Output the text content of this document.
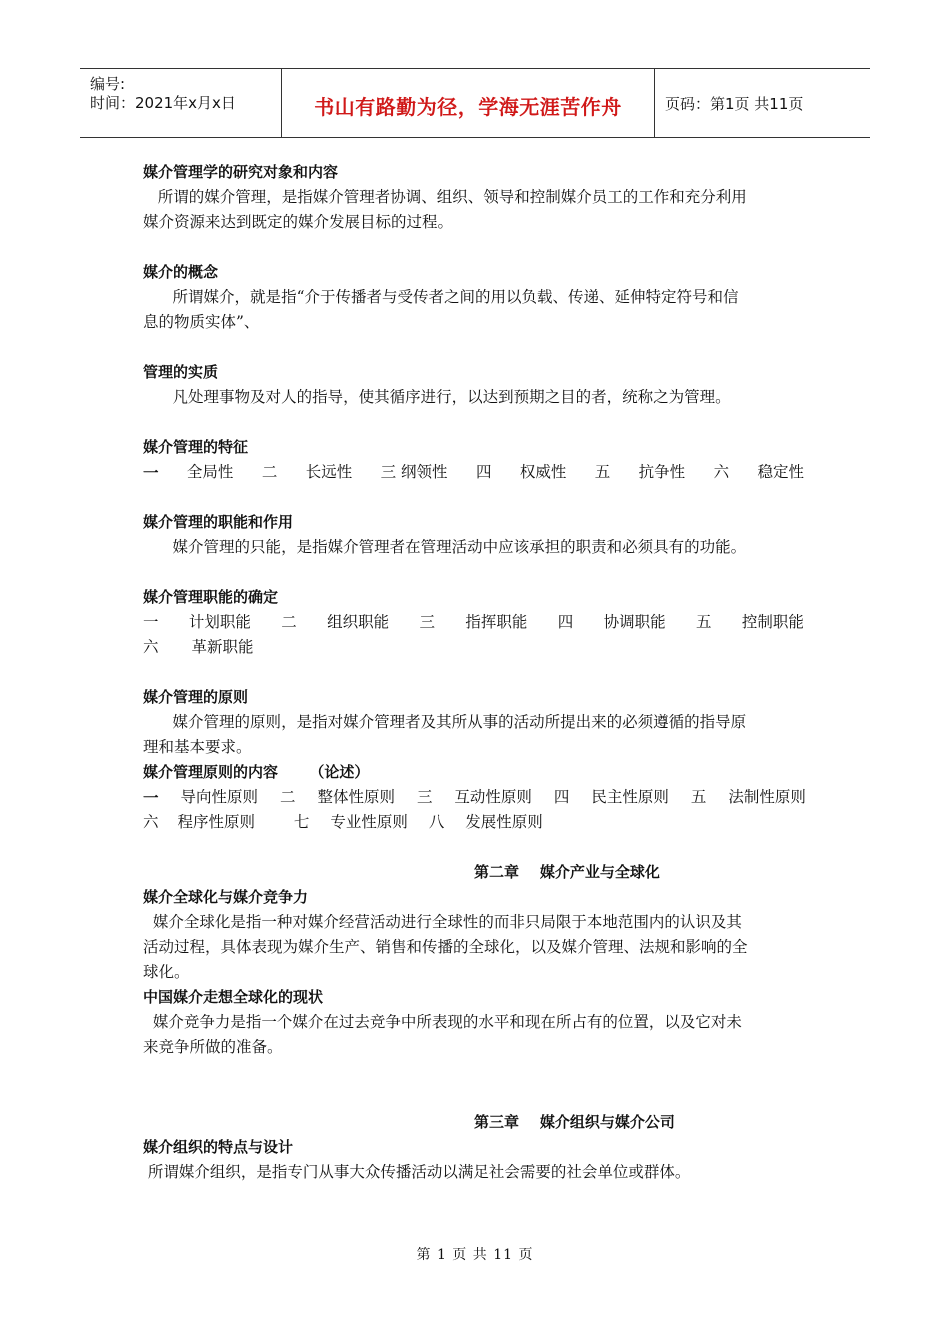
编号:
时间：2021年x月x日	书山有路勤为径，学海无涯苦作舟	页码：第1页 共11页
媒介管理学的研究对象和内容
所谓的媒介管理，是指媒介管理者协调、组织、领导和控制媒介员工的工作和充分利用
媒介资源来达到既定的媒介发展目标的过程。
媒介的概念
所谓媒介，就是指“介于传播者与受传者之间的用以负载、传递、延伸特定符号和信
息的物质实体”、
管理的实质
凡处理事物及对人的指导，使其循序进行，以达到预期之目的者，统称之为管理。
媒介管理的特征
一 全局性 二 长远性 三 纲领性 四 权威性 五 抗争性 六 稳定性
媒介管理的职能和作用
媒介管理的只能，是指媒介管理者在管理活动中应该承担的职责和必须具有的功能。
媒介管理职能的确定
一 计划职能 二 组织职能 三 指挥职能 四 协调职能 五 控制职能
六 革新职能
媒介管理的原则
媒介管理的原则，是指对媒介管理者及其所从事的活动所提出来的必须遵循的指导原
理和基本要求。
媒介管理原则的内容      （论述）
一 导向性原则 二 整体性原则 三 互动性原则 四 民主性原则 五 法制性原则
六 程序性原则	七 专业性原则 八 发展性原则
第二章    媒介产业与全球化
媒介全球化与媒介竞争力
媒介全球化是指一种对媒介经营活动进行全球性的而非只局限于本地范围内的认识及其
活动过程，具体表现为媒介生产、销售和传播的全球化，以及媒介管理、法规和影响的全
球化。
中国媒介走想全球化的现状
媒介竞争力是指一个媒介在过去竞争中所表现的水平和现在所占有的位置，以及它对未
来竞争所做的准备。
第三章    媒介组织与媒介公司
媒介组织的特点与设计
所谓媒介组织，是指专门从事大众传播活动以满足社会需要的社会单位或群体。
第 1 页 共 11 页
